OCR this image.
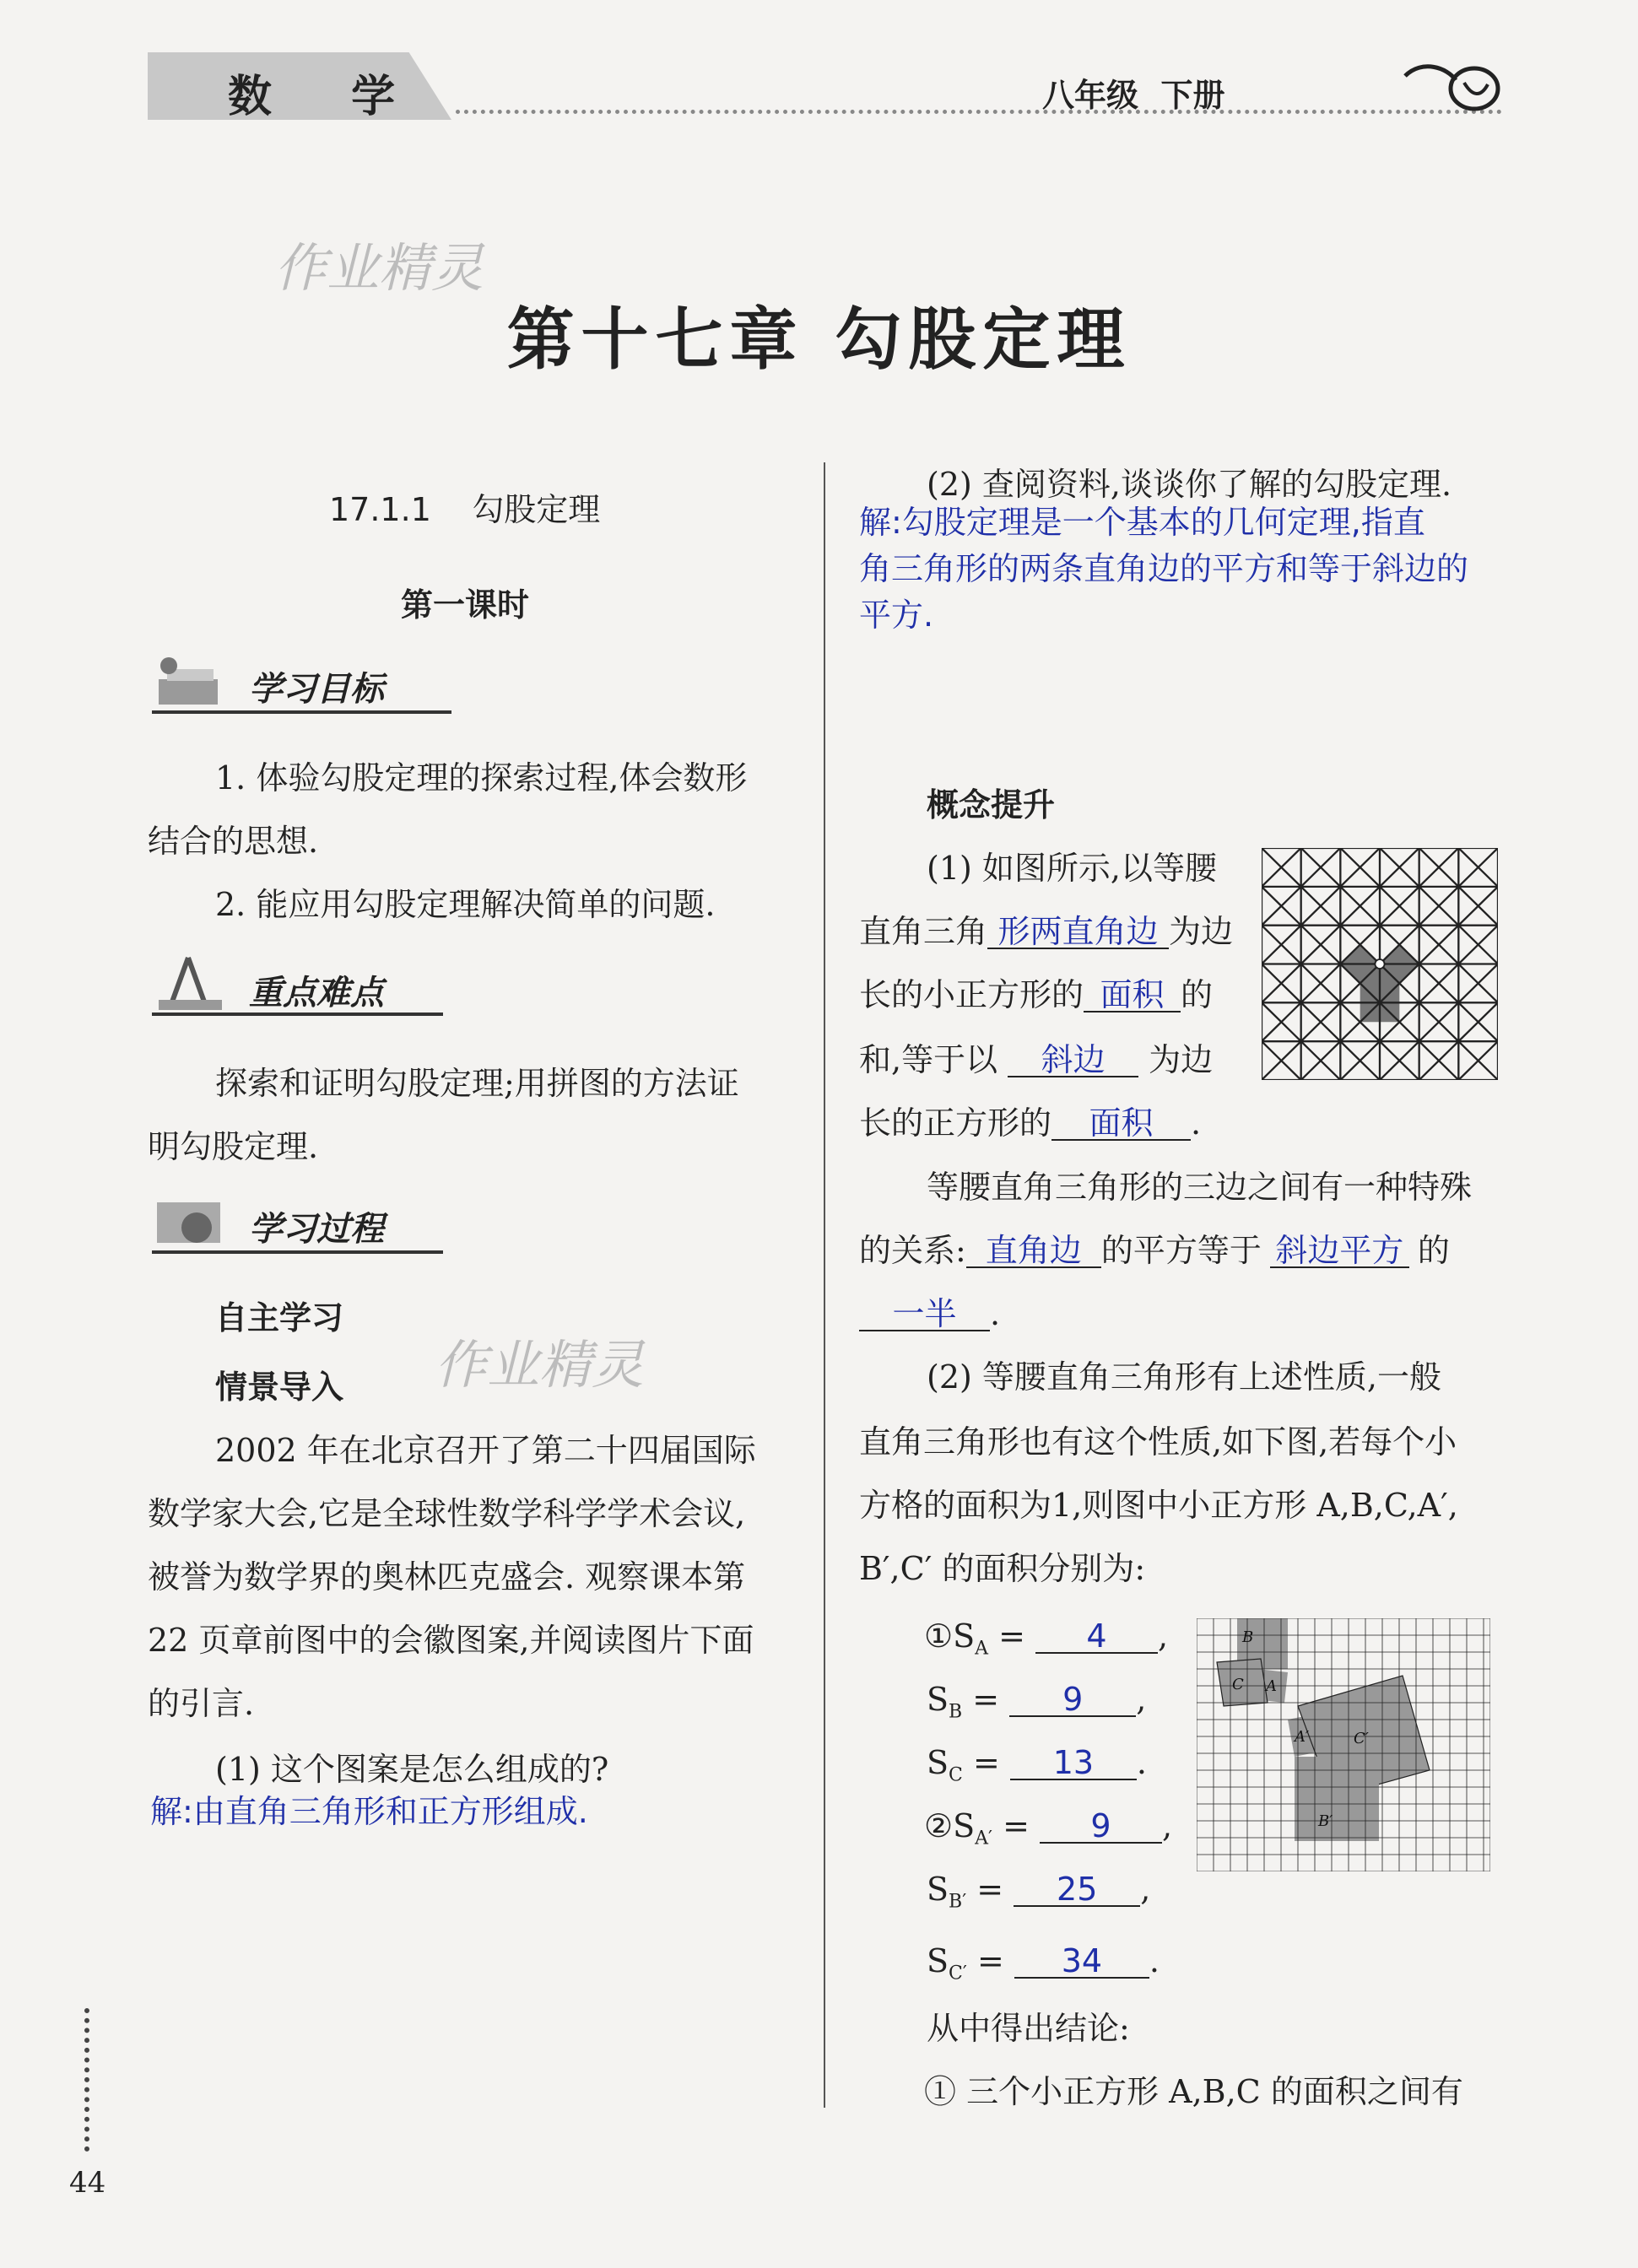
数 学	八年级 下册
作业精灵
作业精灵
第十七章 勾股定理
17.1.1 勾股定理
第一课时
学习目标
1. 体验勾股定理的探索过程,体会数形
结合的思想.
2. 能应用勾股定理解决简单的问题.
重点难点
探索和证明勾股定理;用拼图的方法证
明勾股定理.
学习过程
自主学习
情景导入
2002 年在北京召开了第二十四届国际
数学家大会,它是全球性数学科学学术会议,
被誉为数学界的奥林匹克盛会. 观察课本第
22 页章前图中的会徽图案,并阅读图片下面
的引言.
(1) 这个图案是怎么组成的?
解:由直角三角形和正方形组成.
(2) 查阅资料,谈谈你了解的勾股定理.
解:勾股定理是一个基本的几何定理,指直
角三角形的两条直角边的平方和等于斜边的
平方.
概念提升
(1) 如图所示,以等腰
直角三角 形两直角边 为边
长的小正方形的 面积 的
和,等于以 斜边 为边
长的正方形的 面积 .
等腰直角三角形的三边之间有一种特殊
的关系: 直角边 的平方等于 斜边平方 的
一半 .
(2) 等腰直角三角形有上述性质,一般
直角三角形也有这个性质,如下图,若每个小
方格的面积为1,则图中小正方形 A,B,C,A′,
B′,C′ 的面积分别为:
$①S_A = 4$ ,
$S_B = 9$ ,
$S_C = 13$ .
$②S_{A'} = 9$ ,
$S_{B'} = 25$ ,
$S_{C'} = 34$ .
从中得出结论:
① 三个小正方形 A,B,C 的面积之间有
44
